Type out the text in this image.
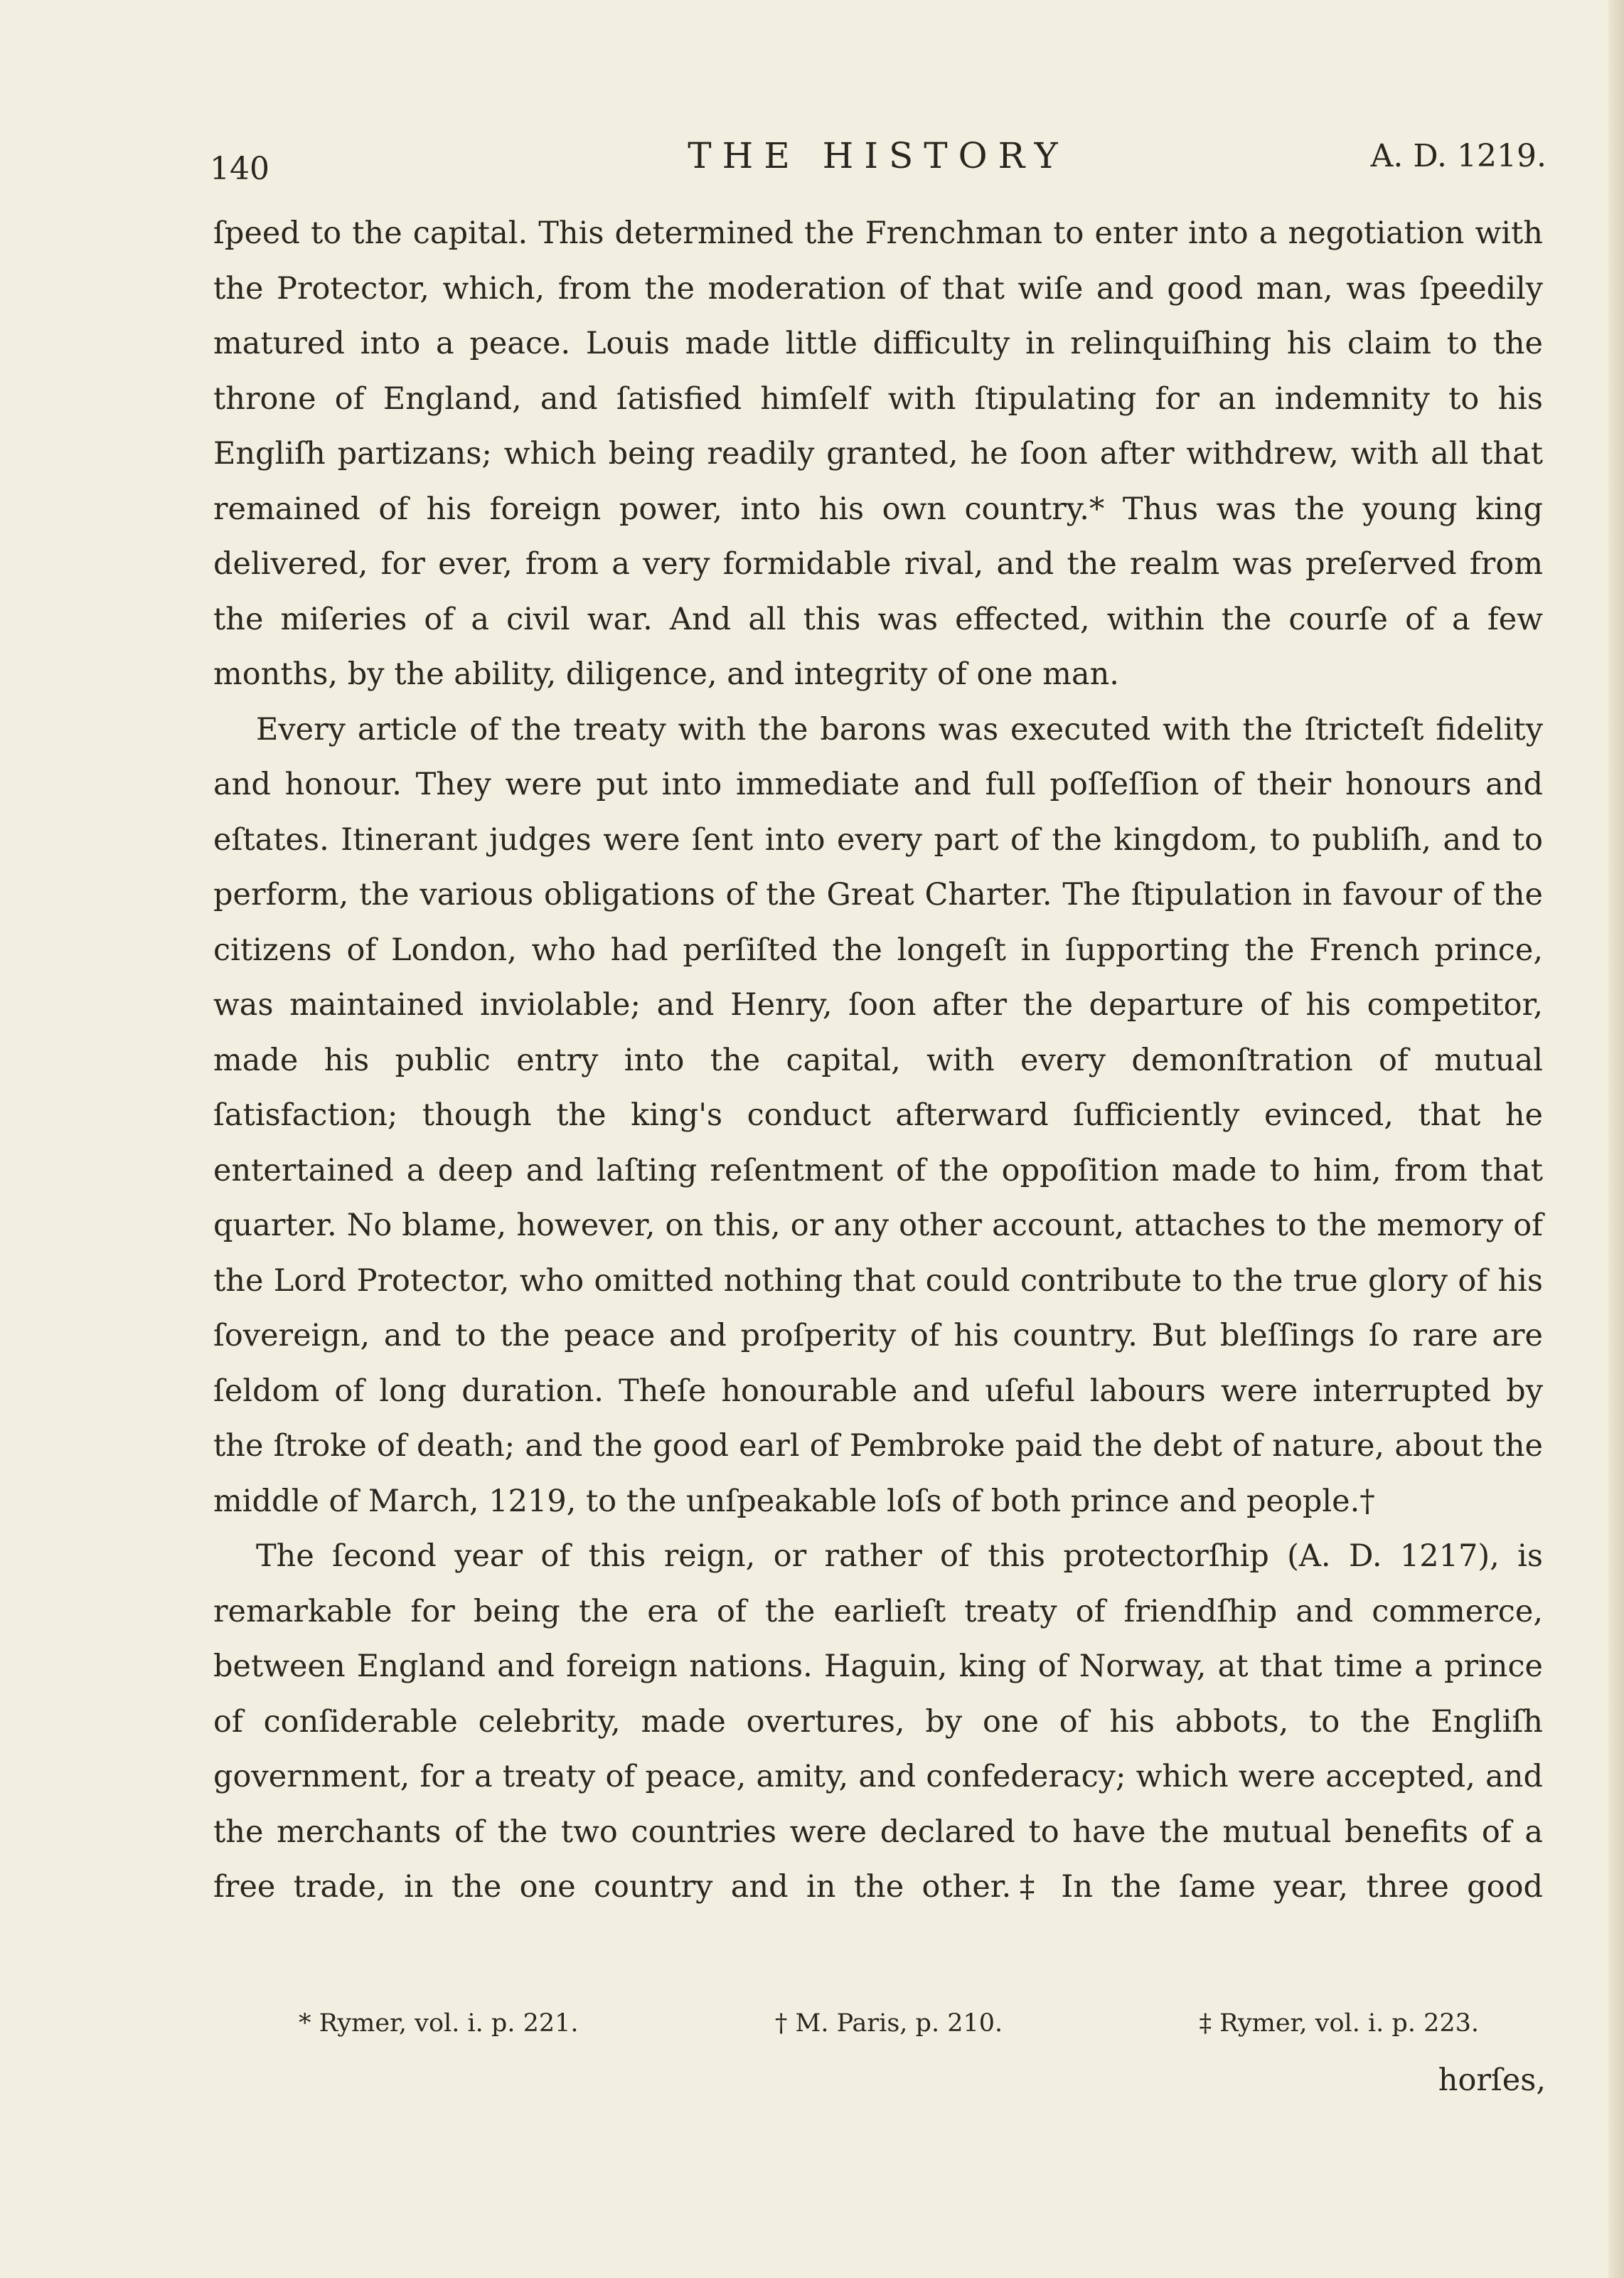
140	THE HISTORY	A. D. 1219.

ſpeed to the capital. This determined the Frenchman to enter into a negotiation with the Protector, which, from the moderation of that wiſe and good man, was ſpeedily matured into a peace. Louis made little difficulty in relinquiſhing his claim to the throne of England, and ſatisfied himſelf with ſtipulating for an indemnity to his Engliſh partizans; which being readily granted, he ſoon after withdrew, with all that remained of his foreign power, into his own country.* Thus was the young king delivered, for ever, from a very formidable rival, and the realm was preſerved from the miſeries of a civil war. And all this was effected, within the courſe of a few months, by the ability, diligence, and integrity of one man.

Every article of the treaty with the barons was executed with the ſtricteſt fidelity and honour. They were put into immediate and full poſſeſſion of their honours and eſtates. Itinerant judges were ſent into every part of the kingdom, to publiſh, and to perform, the various obligations of the Great Charter. The ſtipulation in favour of the citizens of London, who had perſiſted the longeſt in ſupporting the French prince, was maintained inviolable; and Henry, ſoon after the departure of his competitor, made his public entry into the capital, with every demonſtration of mutual ſatisfaction; though the king's conduct afterward ſufficiently evinced, that he entertained a deep and laſting reſentment of the oppoſition made to him, from that quarter. No blame, however, on this, or any other account, attaches to the memory of the Lord Protector, who omitted nothing that could contribute to the true glory of his ſovereign, and to the peace and proſperity of his country. But bleſſings ſo rare are ſeldom of long duration. Theſe honourable and uſeful labours were interrupted by the ſtroke of death; and the good earl of Pembroke paid the debt of nature, about the middle of March, 1219, to the unſpeakable loſs of both prince and people.†

The ſecond year of this reign, or rather of this protectorſhip (A. D. 1217), is remarkable for being the era of the earlieſt treaty of friendſhip and commerce, between England and foreign nations. Haguin, king of Norway, at that time a prince of conſiderable celebrity, made overtures, by one of his abbots, to the Engliſh government, for a treaty of peace, amity, and confederacy; which were accepted, and the merchants of the two countries were declared to have the mutual benefits of a free trade, in the one country and in the other.‡ In the ſame year, three good

* Rymer, vol. i. p. 221.	† M. Paris, p. 210.	‡ Rymer, vol. i. p. 223.
horſes,
